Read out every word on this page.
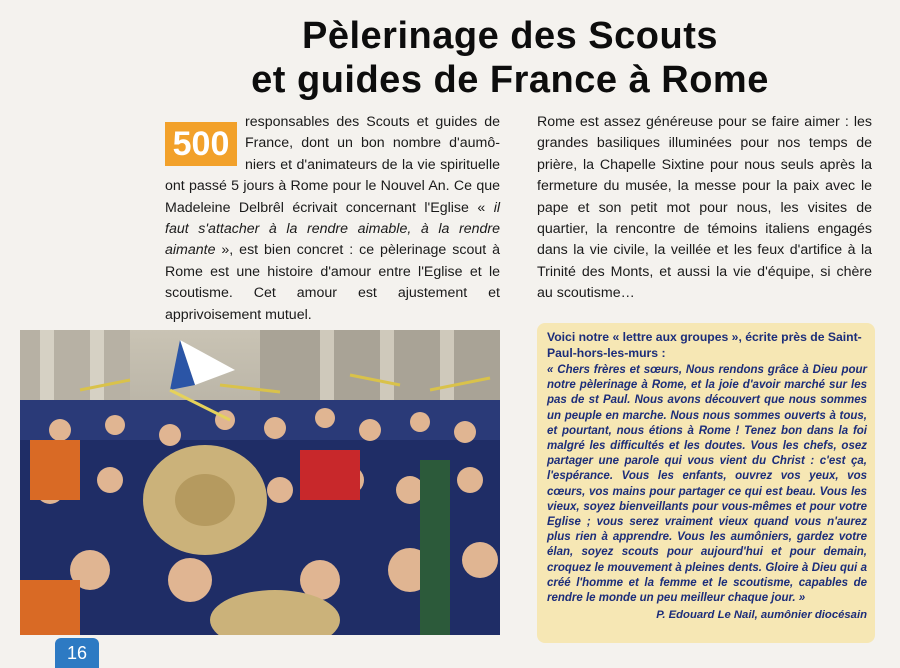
Pèlerinage des Scouts
et guides de France à Rome
500
responsables des Scouts et guides de France, dont un bon nombre d'aumôniers et d'animateurs de la vie spirituelle ont passé 5 jours à Rome pour le Nouvel An. Ce que Madeleine Delbrêl écrivait concernant l'Eglise « il faut s'attacher à la rendre aimable, à la rendre aimante », est bien concret : ce pèlerinage scout à Rome est une histoire d'amour entre l'Eglise et le scoutisme. Cet amour est ajustement et apprivoisement mutuel.
Rome est assez généreuse pour se faire aimer : les grandes basiliques illuminées pour nos temps de prière, la Chapelle Sixtine pour nous seuls après la fermeture du musée, la messe pour la paix avec le pape et son petit mot pour nous, les visites de quartier, la rencontre de témoins italiens engagés dans la vie civile, la veillée et les feux d'artifice à la Trinité des Monts, et aussi la vie d'équipe, si chère au scoutisme…
Voici notre « lettre aux groupes », écrite près de Saint-Paul-hors-les-murs :
« Chers frères et sœurs, Nous rendons grâce à Dieu pour notre pèlerinage à Rome, et la joie d'avoir marché sur les pas de st Paul. Nous avons découvert que nous sommes un peuple en marche. Nous nous sommes ouverts à tous, et pourtant, nous étions à Rome ! Tenez bon dans la foi malgré les difficultés et les doutes. Vous les chefs, osez partager une parole qui vous vient du Christ : c'est ça, l'espérance. Vous les enfants, ouvrez vos yeux, vos cœurs, vos mains pour partager ce qui est beau. Vous les vieux, soyez bienveillants pour vous-mêmes et pour votre Eglise ; vous serez vraiment vieux quand vous n'aurez plus rien à apprendre. Vous les aumôniers, gardez votre élan, soyez scouts pour aujourd'hui et pour demain, croquez le mouvement à pleines dents. Gloire à Dieu qui a créé l'homme et la femme et le scoutisme, capables de rendre le monde un peu meilleur chaque jour. »
P. Edouard Le Nail, aumônier diocésain
16
